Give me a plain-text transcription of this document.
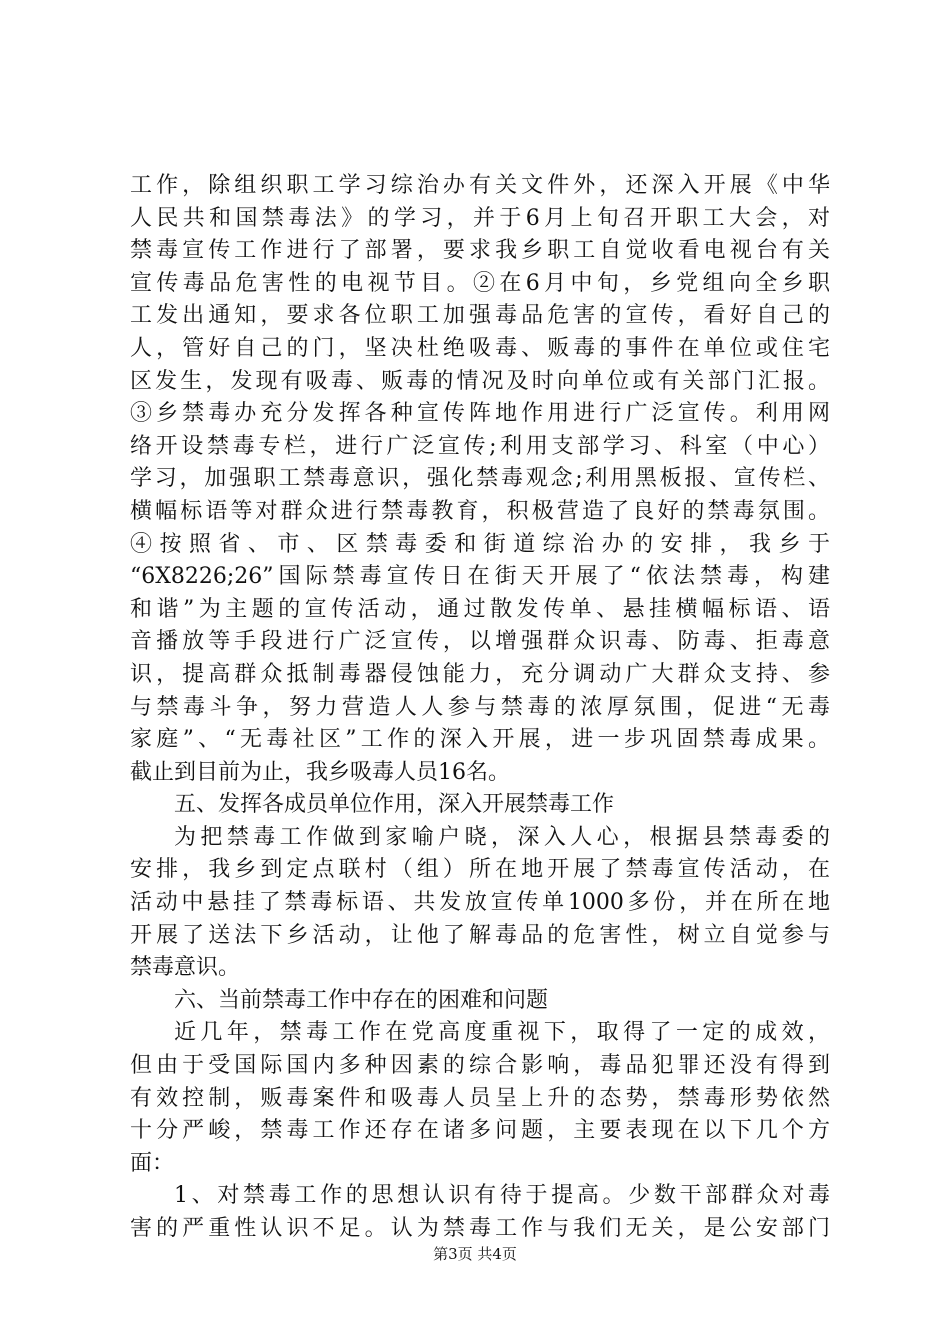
工作，除组织职工学习综治办有关文件外，还深入开展《中华
人民共和国禁毒法》的学习，并于6月上旬召开职工大会，对
禁毒宣传工作进行了部署，要求我乡职工自觉收看电视台有关
宣传毒品危害性的电视节目。②在6月中旬，乡党组向全乡职
工发出通知，要求各位职工加强毒品危害的宣传，看好自己的
人，管好自己的门，坚决杜绝吸毒、贩毒的事件在单位或住宅
区发生，发现有吸毒、贩毒的情况及时向单位或有关部门汇报。
③乡禁毒办充分发挥各种宣传阵地作用进行广泛宣传。利用网
络开设禁毒专栏，进行广泛宣传;利用支部学习、科室（中心）
学习，加强职工禁毒意识，强化禁毒观念;利用黑板报、宣传栏、
横幅标语等对群众进行禁毒教育，积极营造了良好的禁毒氛围。
④按照省、市、区禁毒委和街道综治办的安排，我乡于
“6X8226;26”国际禁毒宣传日在街天开展了“依法禁毒，构建
和谐”为主题的宣传活动，通过散发传单、悬挂横幅标语、语
音播放等手段进行广泛宣传，以增强群众识毒、防毒、拒毒意
识，提高群众抵制毒器侵蚀能力，充分调动广大群众支持、参
与禁毒斗争，努力营造人人参与禁毒的浓厚氛围，促进“无毒
家庭”、“无毒社区”工作的深入开展，进一步巩固禁毒成果。
截止到目前为止，我乡吸毒人员16名。
五、发挥各成员单位作用，深入开展禁毒工作
为把禁毒工作做到家喻户晓，深入人心，根据县禁毒委的
安排，我乡到定点联村（组）所在地开展了禁毒宣传活动，在
活动中悬挂了禁毒标语、共发放宣传单1000多份，并在所在地
开展了送法下乡活动，让他了解毒品的危害性，树立自觉参与
禁毒意识。
六、当前禁毒工作中存在的困难和问题
近几年，禁毒工作在党高度重视下，取得了一定的成效，
但由于受国际国内多种因素的综合影响，毒品犯罪还没有得到
有效控制，贩毒案件和吸毒人员呈上升的态势，禁毒形势依然
十分严峻，禁毒工作还存在诸多问题，主要表现在以下几个方
面：
1、对禁毒工作的思想认识有待于提高。少数干部群众对毒
害的严重性认识不足。认为禁毒工作与我们无关，是公安部门
第3页 共4页
